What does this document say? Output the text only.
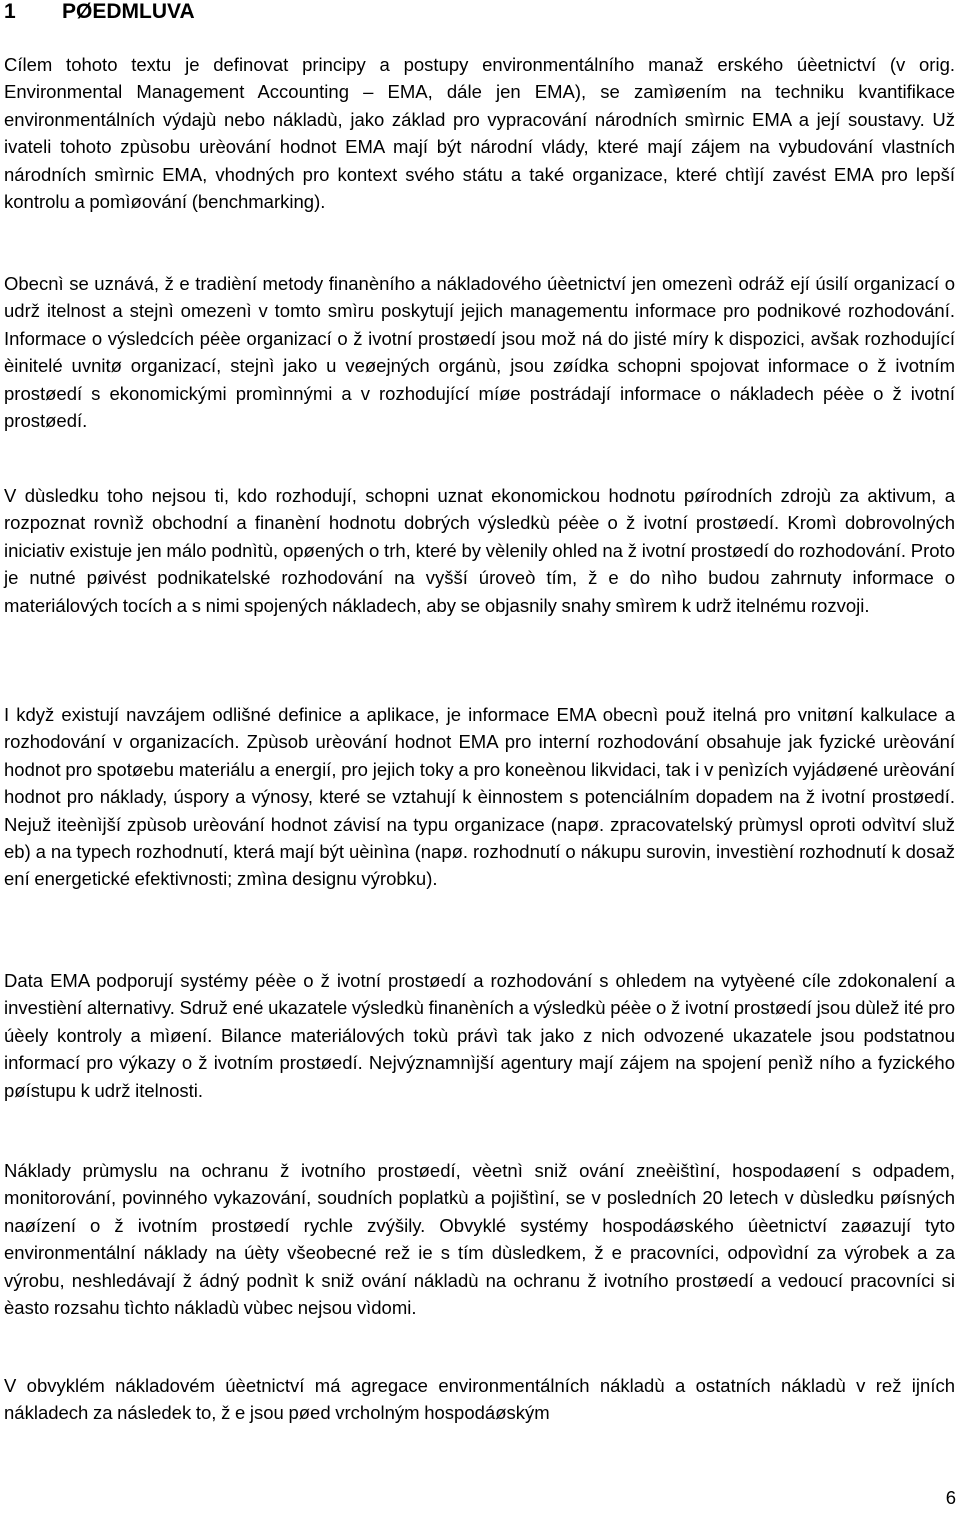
1 PØEDMLUVA

Cílem tohoto textu je definovat principy a postupy environmentálního manaž erského úèetnictví (v orig. Environmental Management Accounting – EMA, dále jen EMA), se zamìøením na techniku kvantifikace environmentálních výdajù nebo nákladù, jako základ pro vypracování národních smìrnic EMA a její soustavy. Už ivateli tohoto zpùsobu urèování hodnot EMA mají být národní vlády, které mají zájem na vybudování vlastních národních smìrnic EMA, vhodných pro kontext svého státu a také organizace, které chtìjí zavést EMA pro lepší kontrolu a pomìøování (benchmarking).

Obecnì se uznává, ž e tradièní metody finanèního a nákladového úèetnictví jen omezenì odráž ejí úsilí organizací o udrž itelnost a stejnì omezenì v tomto smìru poskytují jejich managementu informace pro podnikové rozhodování. Informace o výsledcích péèe organizací o ž ivotní prostøedí jsou mož ná do jisté míry k dispozici, avšak rozhodující èinitelé uvnitø organizací, stejnì jako u veøejných orgánù, jsou zøídka schopni spojovat informace o ž ivotním prostøedí s ekonomickými promìnnými a v rozhodující míøe postrádají informace o nákladech péèe o ž ivotní prostøedí.

V dùsledku toho nejsou ti, kdo rozhodují, schopni uznat ekonomickou hodnotu pøírodních zdrojù za aktivum, a rozpoznat rovnìž obchodní a finanèní hodnotu dobrých výsledkù péèe o ž ivotní prostøedí. Kromì dobrovolných iniciativ existuje jen málo podnìtù, opøených o trh, které by vèlenily ohled na ž ivotní prostøedí do rozhodování. Proto je nutné pøivést podnikatelské rozhodování na vyšší úroveò tím, ž e do nìho budou zahrnuty informace o materiálových tocích a s nimi spojených nákladech, aby se objasnily snahy smìrem k udrž itelnému rozvoji.

I když existují navzájem odlišné definice a aplikace, je informace EMA obecnì použ itelná pro vnitøní kalkulace a rozhodování v organizacích. Zpùsob urèování hodnot EMA pro interní rozhodování obsahuje jak fyzické urèování hodnot pro spotøebu materiálu a energií, pro jejich toky a pro koneènou likvidaci, tak i v penìzích vyjádøené urèování hodnot pro náklady, úspory a výnosy, které se vztahují k èinnostem s potenciálním dopadem na ž ivotní prostøedí. Nejuž iteènìjší zpùsob urèování hodnot závisí na typu organizace (napø. zpracovatelský prùmysl oproti odvìtví služ eb) a na typech rozhodnutí, která mají být uèinìna (napø. rozhodnutí o nákupu surovin, investièní rozhodnutí k dosaž ení energetické efektivnosti; zmìna designu výrobku).

Data EMA podporují systémy péèe o ž ivotní prostøedí a rozhodování s ohledem na vytyèené cíle zdokonalení a investièní alternativy. Sdruž ené ukazatele výsledkù finanèních a výsledkù péèe o ž ivotní prostøedí jsou dùlež ité pro úèely kontroly a mìøení. Bilance materiálových tokù právì tak jako z nich odvozené ukazatele jsou podstatnou informací pro výkazy o ž ivotním prostøedí. Nejvýznamnìjší agentury mají zájem na spojení penìž ního a fyzického pøístupu k udrž itelnosti.

Náklady prùmyslu na ochranu ž ivotního prostøedí, vèetnì sniž ování zneèištìní, hospodaøení s odpadem, monitorování, povinného vykazování, soudních poplatkù a pojištìní, se v posledních 20 letech v dùsledku pøísných naøízení o ž ivotním prostøedí rychle zvýšily. Obvyklé systémy hospodáøského úèetnictví zaøazují tyto environmentální náklady na úèty všeobecné rež ie s tím dùsledkem, ž e pracovníci, odpovìdní za výrobek a za výrobu, neshledávají ž ádný podnìt k sniž ování nákladù na ochranu ž ivotního prostøedí a vedoucí pracovníci si èasto rozsahu tìchto nákladù vùbec nejsou vìdomi.

V obvyklém nákladovém úèetnictví má agregace environmentálních nákladù a ostatních nákladù v rež ijních nákladech za následek to, ž e jsou pøed vrcholným hospodáøským

6
